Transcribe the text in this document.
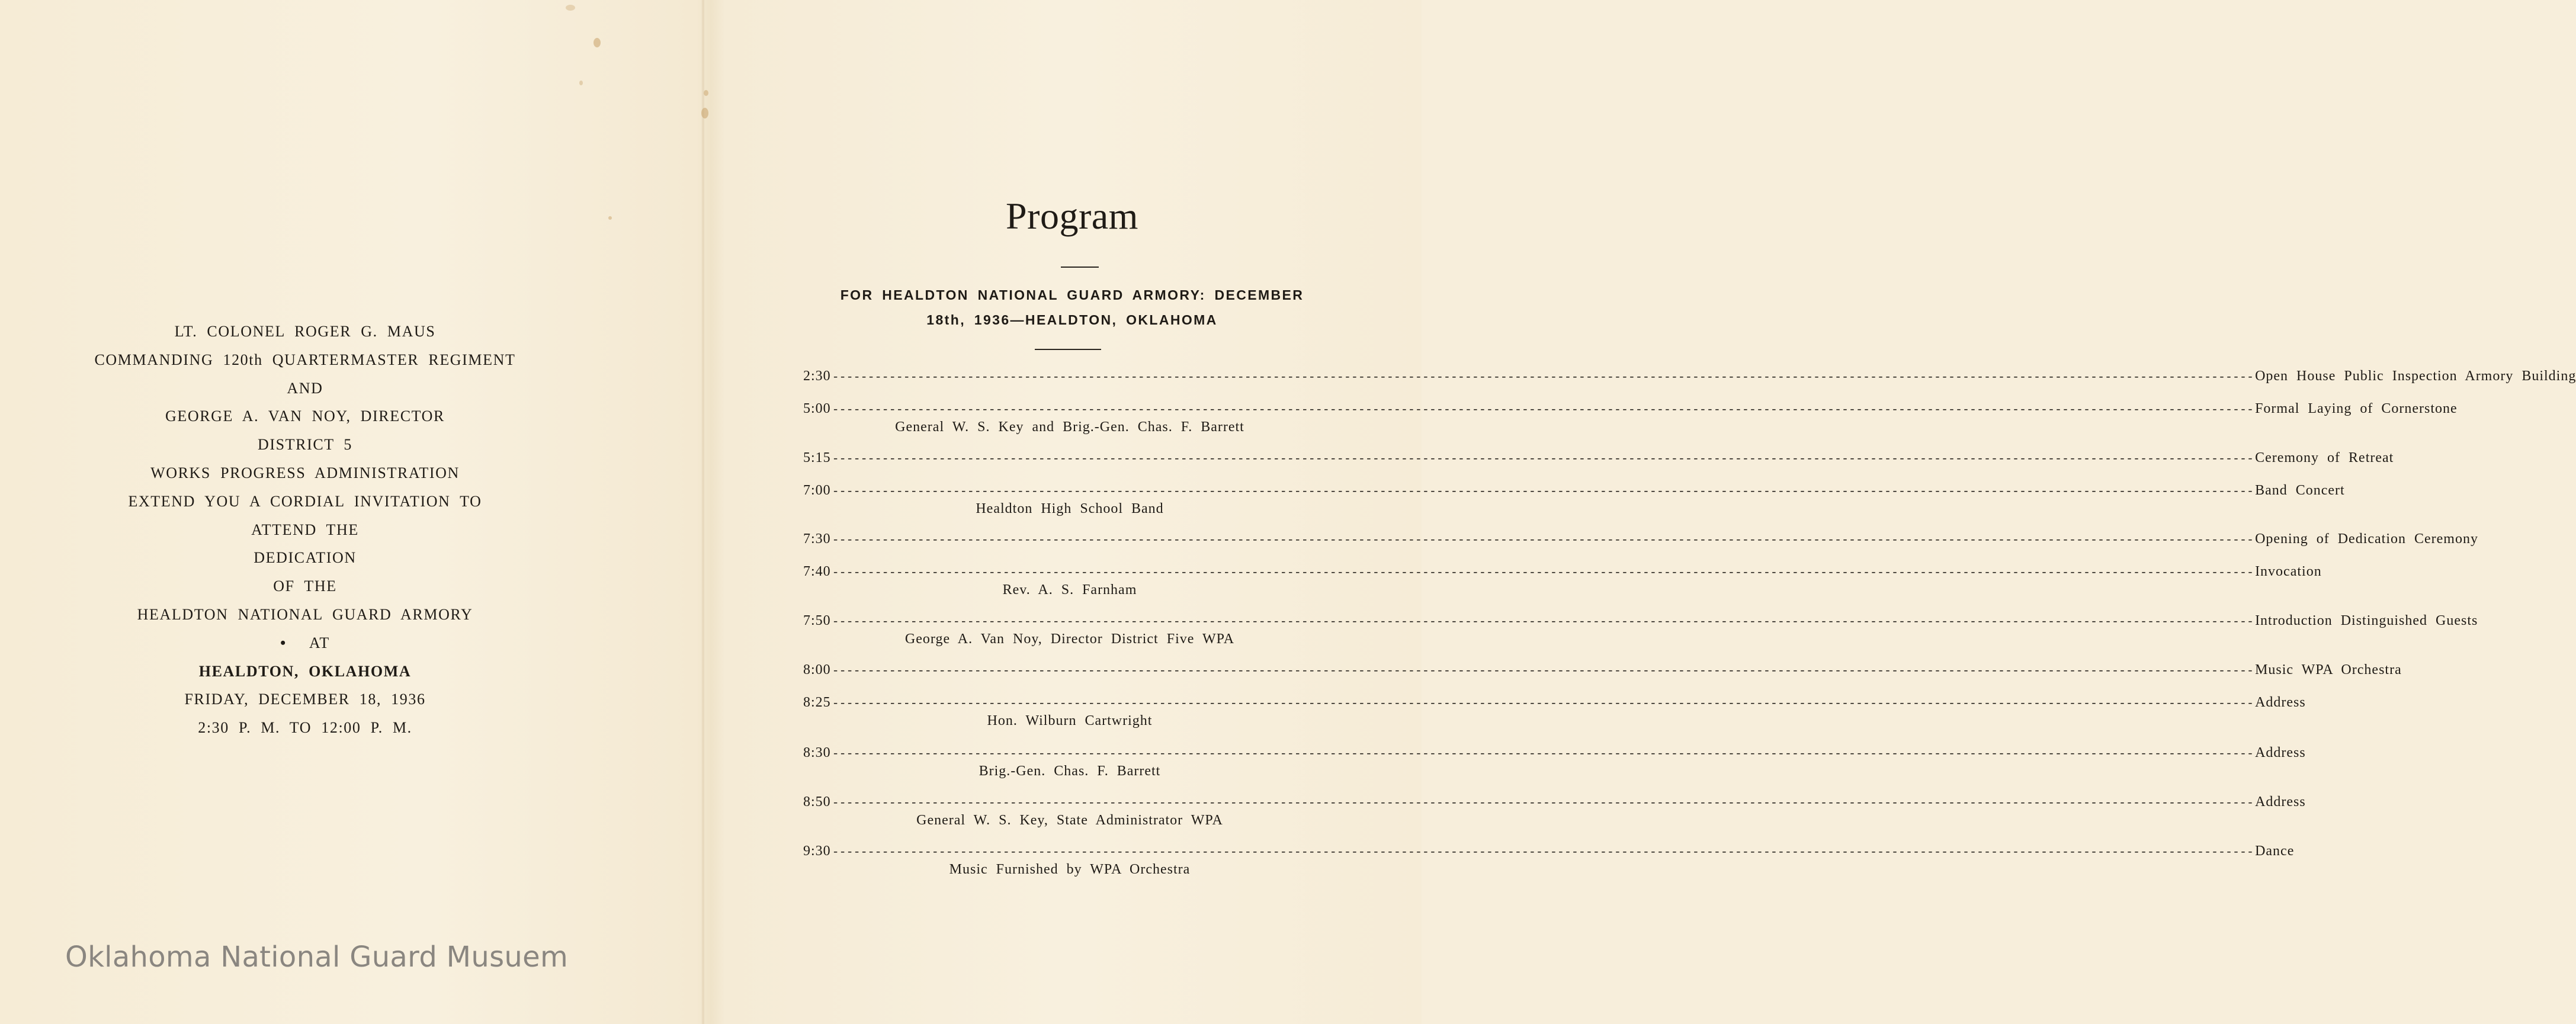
LT. COLONEL ROGER G. MAUS
COMMANDING 120th QUARTERMASTER REGIMENT
AND
GEORGE A. VAN NOY, DIRECTOR
DISTRICT 5
WORKS PROGRESS ADMINISTRATION
EXTEND YOU A CORDIAL INVITATION TO
ATTEND THE
DEDICATION
OF THE
HEALDTON NATIONAL GUARD ARMORY
• AT
HEALDTON, OKLAHOMA
FRIDAY, DECEMBER 18, 1936
2:30 P. M. TO 12:00 P. M.
Program
FOR HEALDTON NATIONAL GUARD ARMORY: DECEMBER
18th, 1936—HEALDTON, OKLAHOMA
2:30 -------------------------------------------------------------------------------------------------------------------------------------------------------------------------------------------------------- Open House Public Inspection Armory Building
5:00 -------------------------------------------------------------------------------------------------------------------------------------------------------------------------------------------------------- Formal Laying of Cornerstone
General W. S. Key and Brig.-Gen. Chas. F. Barrett
5:15 -------------------------------------------------------------------------------------------------------------------------------------------------------------------------------------------------------- Ceremony of Retreat
7:00 -------------------------------------------------------------------------------------------------------------------------------------------------------------------------------------------------------- Band Concert
Healdton High School Band
7:30 -------------------------------------------------------------------------------------------------------------------------------------------------------------------------------------------------------- Opening of Dedication Ceremony
7:40 -------------------------------------------------------------------------------------------------------------------------------------------------------------------------------------------------------- Invocation
Rev. A. S. Farnham
7:50 -------------------------------------------------------------------------------------------------------------------------------------------------------------------------------------------------------- Introduction Distinguished Guests
George A. Van Noy, Director District Five WPA
8:00 -------------------------------------------------------------------------------------------------------------------------------------------------------------------------------------------------------- Music WPA Orchestra
8:25 -------------------------------------------------------------------------------------------------------------------------------------------------------------------------------------------------------- Address
Hon. Wilburn Cartwright
8:30 -------------------------------------------------------------------------------------------------------------------------------------------------------------------------------------------------------- Address
Brig.-Gen. Chas. F. Barrett
8:50 -------------------------------------------------------------------------------------------------------------------------------------------------------------------------------------------------------- Address
General W. S. Key, State Administrator WPA
9:30 -------------------------------------------------------------------------------------------------------------------------------------------------------------------------------------------------------- Dance
Music Furnished by WPA Orchestra
Oklahoma National Guard Musuem
